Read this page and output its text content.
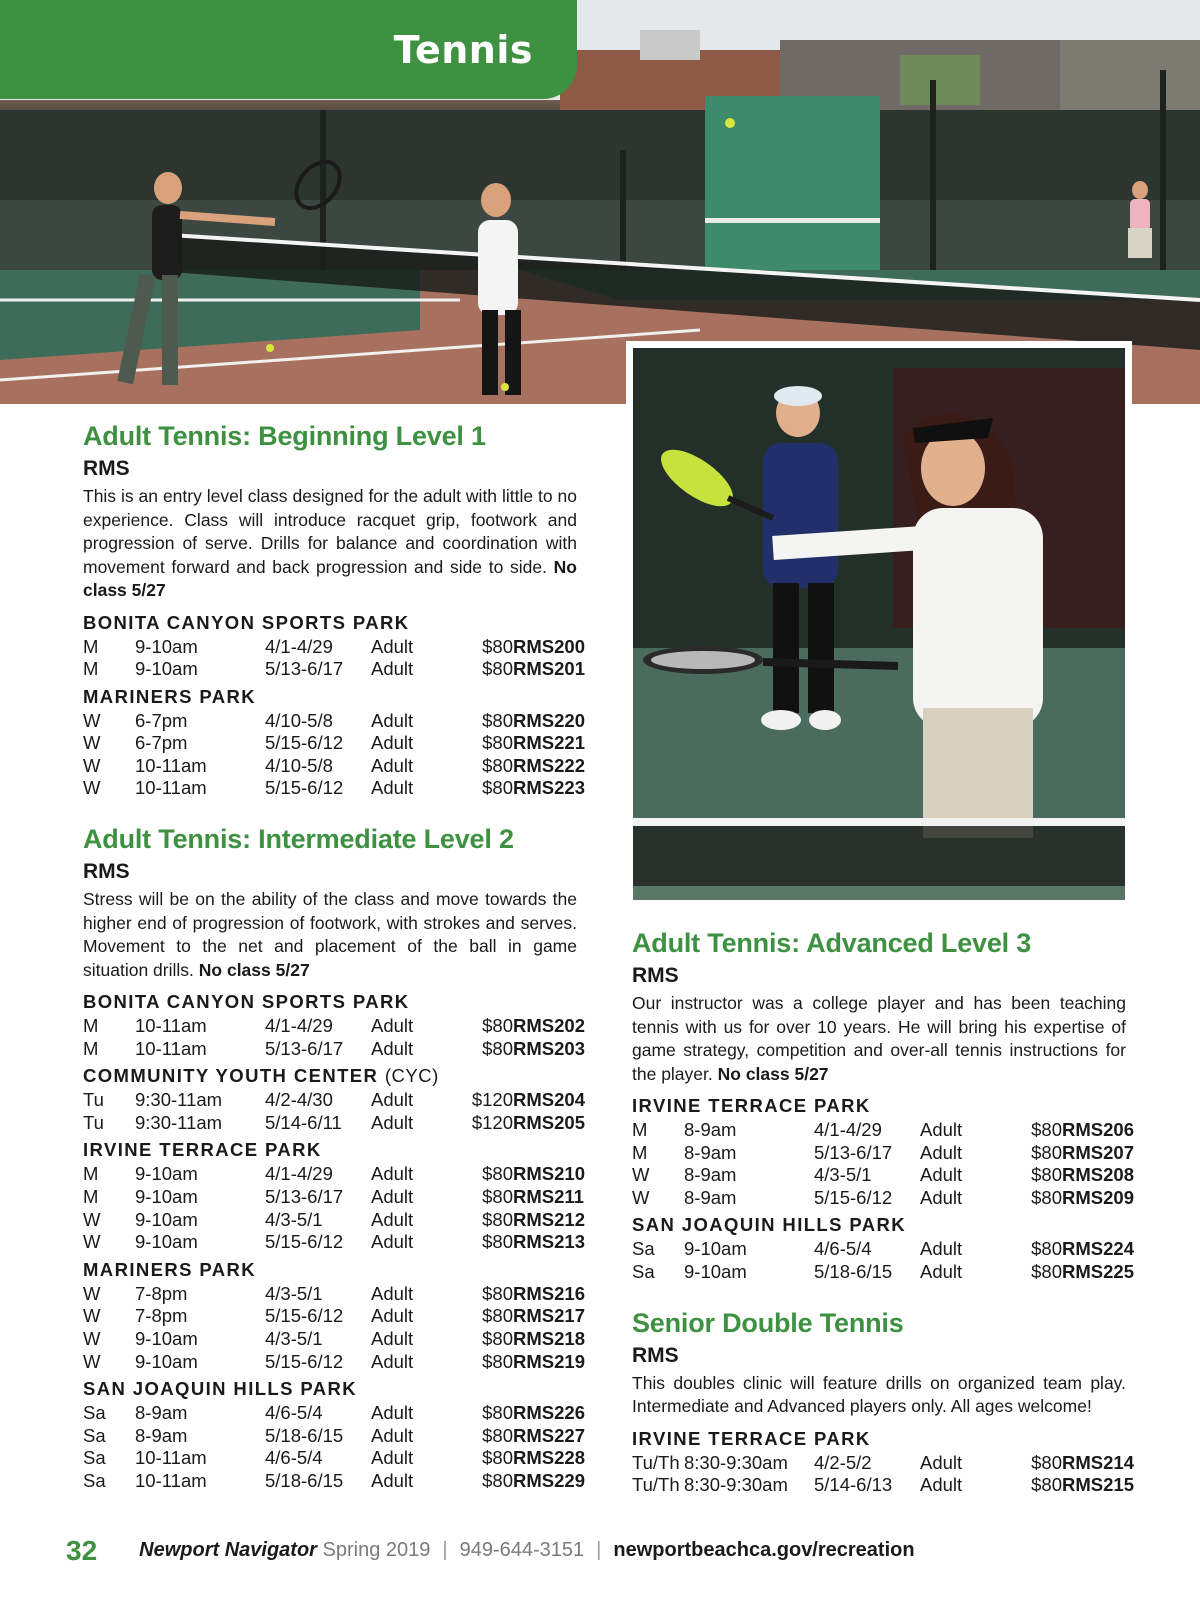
Tennis
Adult Tennis: Beginning Level 1
RMS
This is an entry level class designed for the adult with little to no experience. Class will introduce racquet grip, footwork and progression of serve. Drills for balance and coordination with movement forward and back progression and side to side. No class 5/27
BONITA CANYON SPORTS PARK
M	9-10am	4/1-4/29	Adult	$80 RMS200
M	9-10am	5/13-6/17	Adult	$80 RMS201
MARINERS PARK
W	6-7pm	4/10-5/8	Adult	$80 RMS220
W	6-7pm	5/15-6/12	Adult	$80 RMS221
W	10-11am	4/10-5/8	Adult	$80 RMS222
W	10-11am	5/15-6/12	Adult	$80 RMS223
Adult Tennis: Intermediate Level 2
RMS
Stress will be on the ability of the class and move towards the higher end of progression of footwork, with strokes and serves. Movement to the net and placement of the ball in game situation drills. No class 5/27
BONITA CANYON SPORTS PARK
M	10-11am	4/1-4/29	Adult	$80 RMS202
M	10-11am	5/13-6/17	Adult	$80 RMS203
COMMUNITY YOUTH CENTER (CYC)
Tu	9:30-11am	4/2-4/30	Adult	$120 RMS204
Tu	9:30-11am	5/14-6/11	Adult	$120 RMS205
IRVINE TERRACE PARK
M	9-10am	4/1-4/29	Adult	$80 RMS210
M	9-10am	5/13-6/17	Adult	$80 RMS211
W	9-10am	4/3-5/1	Adult	$80 RMS212
W	9-10am	5/15-6/12	Adult	$80 RMS213
MARINERS PARK
W	7-8pm	4/3-5/1	Adult	$80 RMS216
W	7-8pm	5/15-6/12	Adult	$80 RMS217
W	9-10am	4/3-5/1	Adult	$80 RMS218
W	9-10am	5/15-6/12	Adult	$80 RMS219
SAN JOAQUIN HILLS PARK
Sa	8-9am	4/6-5/4	Adult	$80 RMS226
Sa	8-9am	5/18-6/15	Adult	$80 RMS227
Sa	10-11am	4/6-5/4	Adult	$80 RMS228
Sa	10-11am	5/18-6/15	Adult	$80 RMS229
Adult Tennis: Advanced Level 3
RMS
Our instructor was a college player and has been teaching tennis with us for over 10 years. He will bring his expertise of game strategy, competition and over-all tennis instructions for the player. No class 5/27
IRVINE TERRACE PARK
M	8-9am	4/1-4/29	Adult	$80 RMS206
M	8-9am	5/13-6/17	Adult	$80 RMS207
W	8-9am	4/3-5/1	Adult	$80 RMS208
W	8-9am	5/15-6/12	Adult	$80 RMS209
SAN JOAQUIN HILLS PARK
Sa	9-10am	4/6-5/4	Adult	$80 RMS224
Sa	9-10am	5/18-6/15	Adult	$80 RMS225
Senior Double Tennis
RMS
This doubles clinic will feature drills on organized team play. Intermediate and Advanced players only. All ages welcome!
IRVINE TERRACE PARK
Tu/Th 8:30-9:30am	4/2-5/2	Adult	$80 RMS214
Tu/Th 8:30-9:30am	5/14-6/13	Adult	$80 RMS215
32 Newport Navigator Spring 2019 | 949-644-3151 | newportbeachca.gov/recreation
